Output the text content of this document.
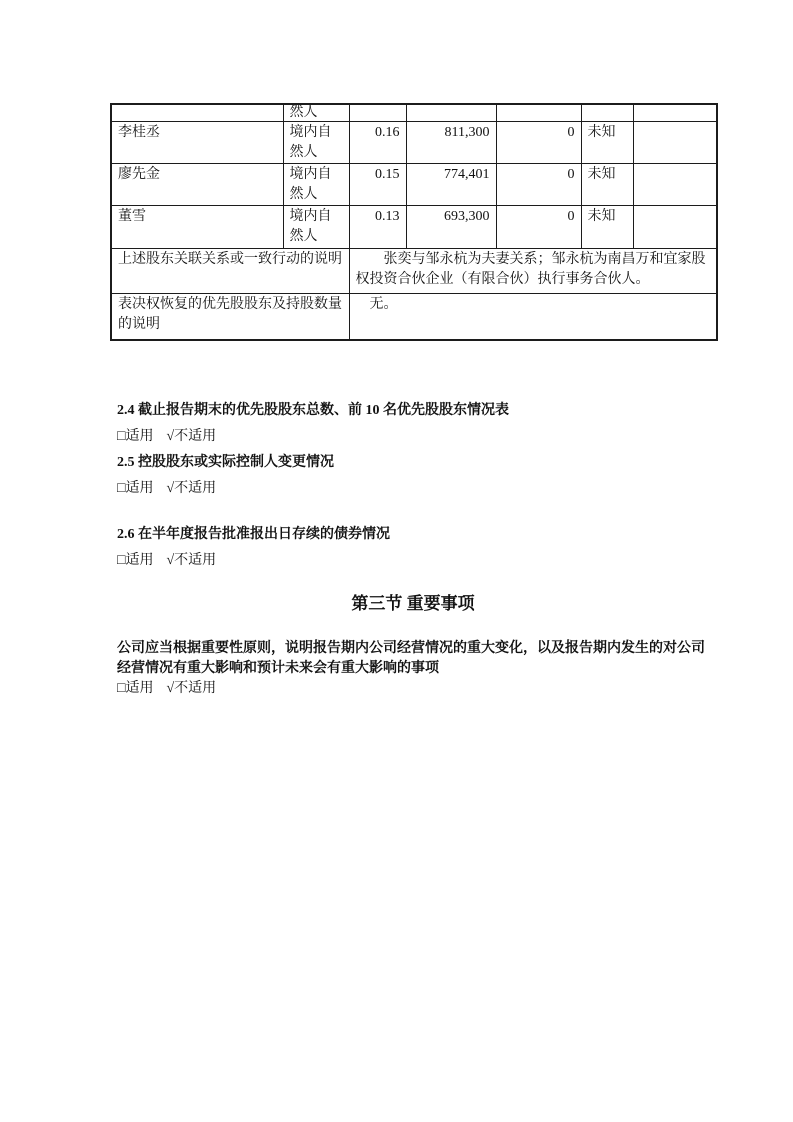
	然人					
李桂丞	境内自然人	0.16	811,300	0	未知	
廖先金	境内自然人	0.15	774,401	0	未知	
董雪	境内自然人	0.13	693,300	0	未知	
上述股东关联关系或一致行动的说明		张奕与邹永杭为夫妻关系；邹永杭为南昌万和宜家股权投资合伙企业（有限合伙）执行事务合伙人。				
表决权恢复的优先股股东及持股数量的说明		无。				
2.4 截止报告期末的优先股股东总数、前 10 名优先股股东情况表
□适用 √不适用
2.5 控股股东或实际控制人变更情况
□适用 √不适用
2.6 在半年度报告批准报出日存续的债券情况
□适用 √不适用
第三节 重要事项
公司应当根据重要性原则，说明报告期内公司经营情况的重大变化，以及报告期内发生的对公司经营情况有重大影响和预计未来会有重大影响的事项
□适用 √不适用
